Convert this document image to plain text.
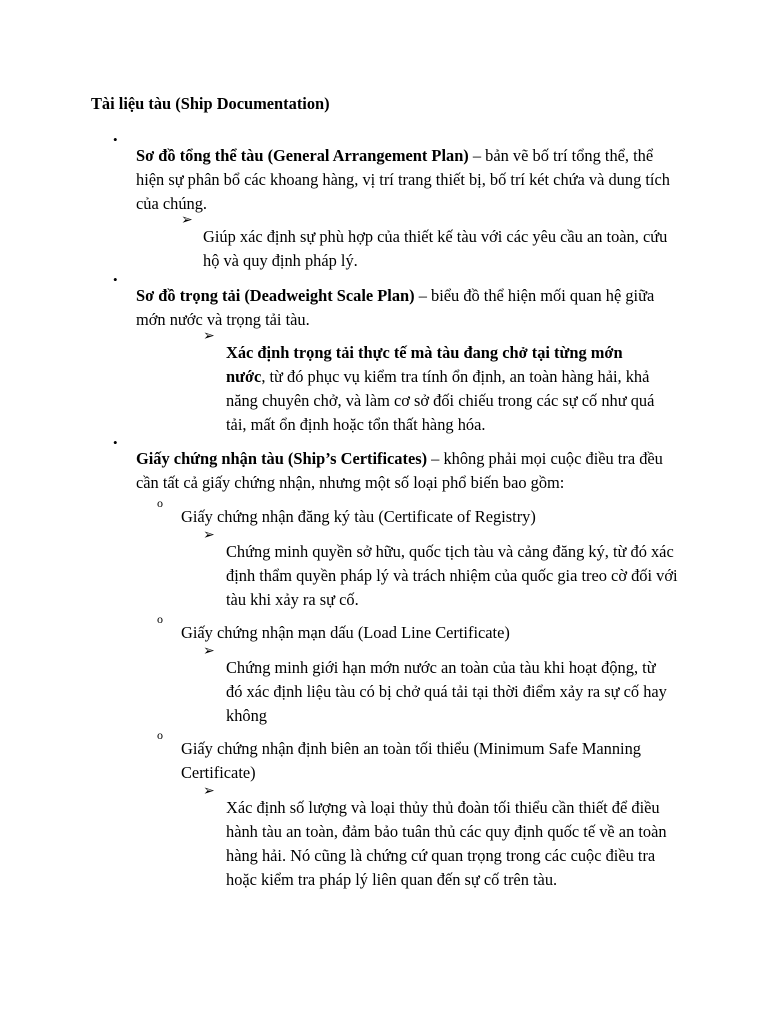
Tài liệu tàu (Ship Documentation)

•

Sơ đồ tổng thể tàu (General Arrangement Plan) – bản vẽ bố trí tổng thể, thể hiện sự phân bổ các khoang hàng, vị trí trang thiết bị, bố trí két chứa và dung tích của chúng.

➢

Giúp xác định sự phù hợp của thiết kế tàu với các yêu cầu an toàn, cứu hộ và quy định pháp lý.

•

Sơ đồ trọng tải (Deadweight Scale Plan) – biểu đồ thể hiện mối quan hệ giữa mớn nước và trọng tải tàu.

➢

Xác định trọng tải thực tế mà tàu đang chở tại từng mớn nước, từ đó phục vụ kiểm tra tính ổn định, an toàn hàng hải, khả năng chuyên chở, và làm cơ sở đối chiếu trong các sự cố như quá tải, mất ổn định hoặc tổn thất hàng hóa.

•

Giấy chứng nhận tàu (Ship’s Certificates) – không phải mọi cuộc điều tra đều cần tất cả giấy chứng nhận, nhưng một số loại phổ biến bao gồm:

o

Giấy chứng nhận đăng ký tàu (Certificate of Registry)

➢

Chứng minh quyền sở hữu, quốc tịch tàu và cảng đăng ký, từ đó xác định thẩm quyền pháp lý và trách nhiệm của quốc gia treo cờ đối với tàu khi xảy ra sự cố.

o

Giấy chứng nhận mạn dấu (Load Line Certificate)

➢

Chứng minh giới hạn mớn nước an toàn của tàu khi hoạt động, từ đó xác định liệu tàu có bị chở quá tải tại thời điểm xảy ra sự cố hay không

o

Giấy chứng nhận định biên an toàn tối thiểu (Minimum Safe Manning Certificate)

➢

Xác định số lượng và loại thủy thủ đoàn tối thiểu cần thiết để điều hành tàu an toàn, đảm bảo tuân thủ các quy định quốc tế về an toàn hàng hải. Nó cũng là chứng cứ quan trọng trong các cuộc điều tra hoặc kiểm tra pháp lý liên quan đến sự cố trên tàu.
